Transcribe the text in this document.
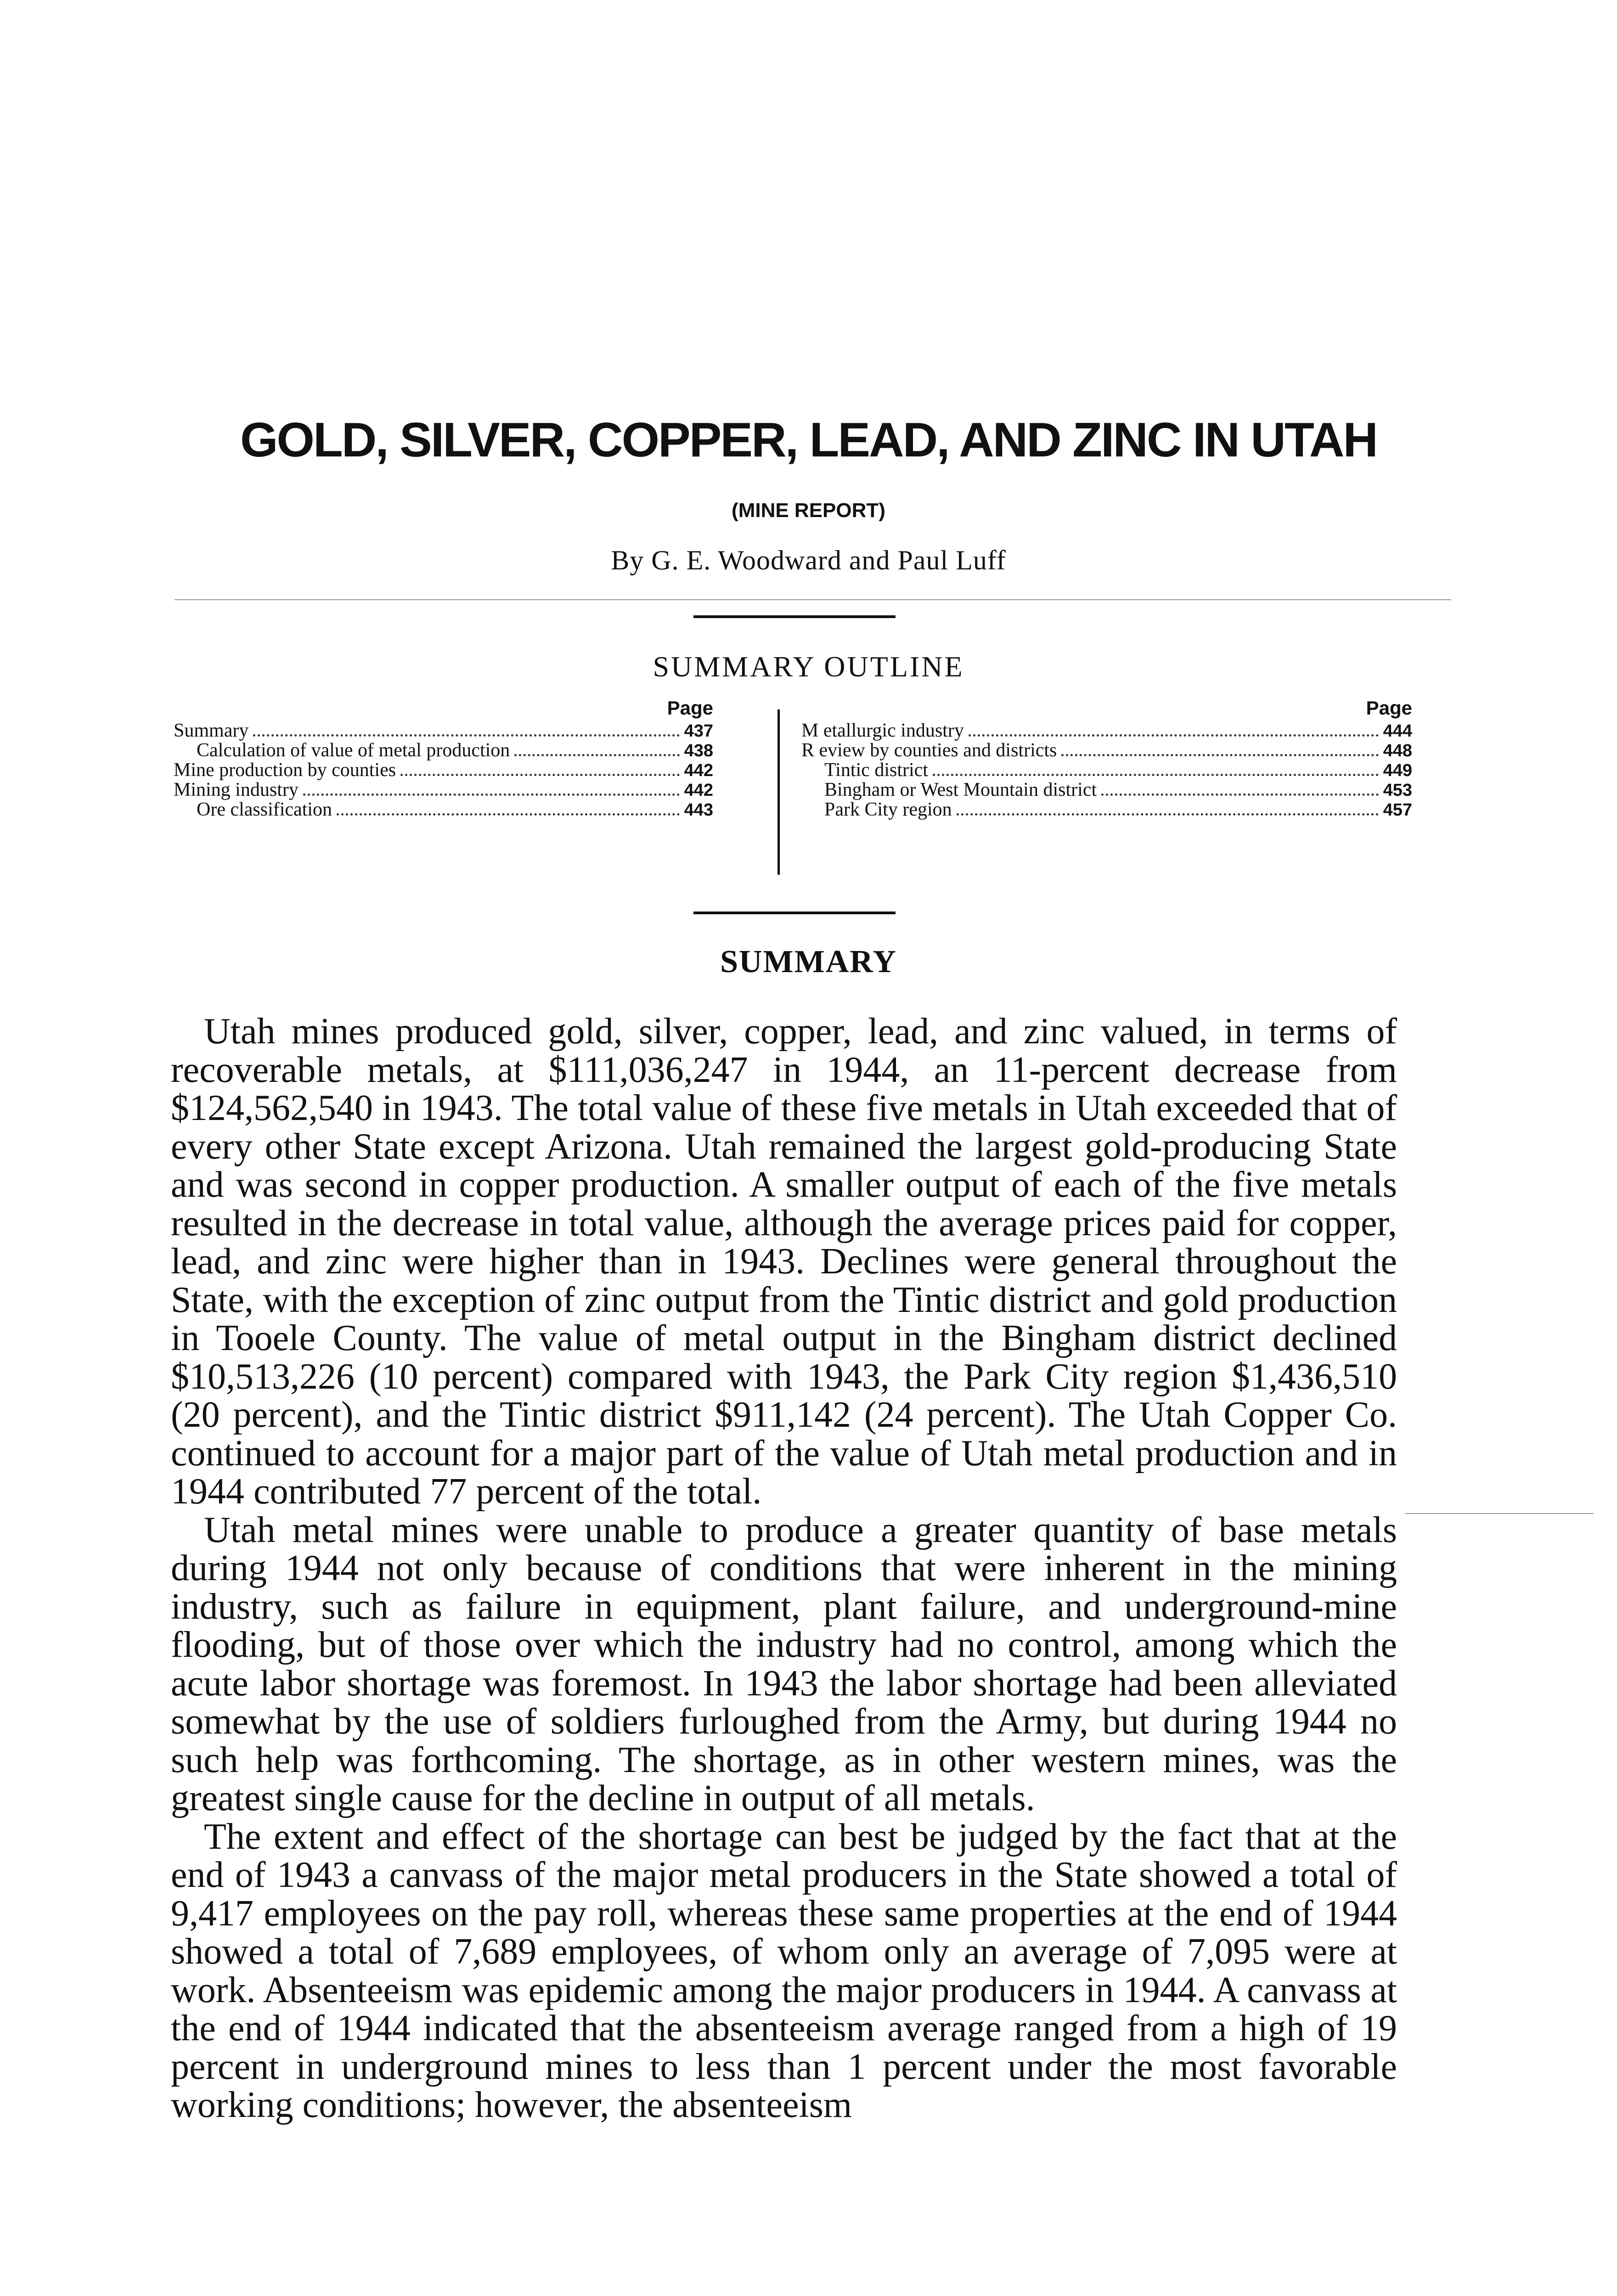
GOLD, SILVER, COPPER, LEAD, AND ZINC IN UTAH
(MINE REPORT)
By G. E. Woodward and Paul Luff
SUMMARY OUTLINE
Page
Summary	437
Calculation of value of metal production	438
Mine production by counties	442
Mining industry	442
Ore classification	443
Page
M etallurgic industry	444
R eview by counties and districts	448
Tintic district	449
Bingham or West Mountain district	453
Park City region	457
SUMMARY

Utah mines produced gold, silver, copper, lead, and zinc valued, in terms of recoverable metals, at $111,036,247 in 1944, an 11-percent decrease from $124,562,540 in 1943. The total value of these five metals in Utah exceeded that of every other State except Arizona. Utah remained the largest gold-producing State and was second in copper production. A smaller output of each of the five metals resulted in the decrease in total value, although the average prices paid for copper, lead, and zinc were higher than in 1943. Declines were general throughout the State, with the exception of zinc output from the Tintic district and gold production in Tooele County. The value of metal output in the Bingham district declined $10,513,226 (10 percent) compared with 1943, the Park City region $1,436,510 (20 percent), and the Tintic district $911,142 (24 percent). The Utah Copper Co. continued to account for a major part of the value of Utah metal production and in 1944 contributed 77 percent of the total.

Utah metal mines were unable to produce a greater quantity of base metals during 1944 not only because of conditions that were inherent in the mining industry, such as failure in equipment, plant failure, and underground-mine flooding, but of those over which the industry had no control, among which the acute labor shortage was foremost. In 1943 the labor shortage had been alleviated somewhat by the use of soldiers furloughed from the Army, but during 1944 no such help was forthcoming. The shortage, as in other western mines, was the greatest single cause for the decline in output of all metals.

The extent and effect of the shortage can best be judged by the fact that at the end of 1943 a canvass of the major metal producers in the State showed a total of 9,417 employees on the pay roll, whereas these same properties at the end of 1944 showed a total of 7,689 employees, of whom only an average of 7,095 were at work. Absenteeism was epidemic among the major producers in 1944. A canvass at the end of 1944 indicated that the absenteeism average ranged from a high of 19 percent in underground mines to less than 1 percent under the most favorable working conditions; however, the absenteeism
